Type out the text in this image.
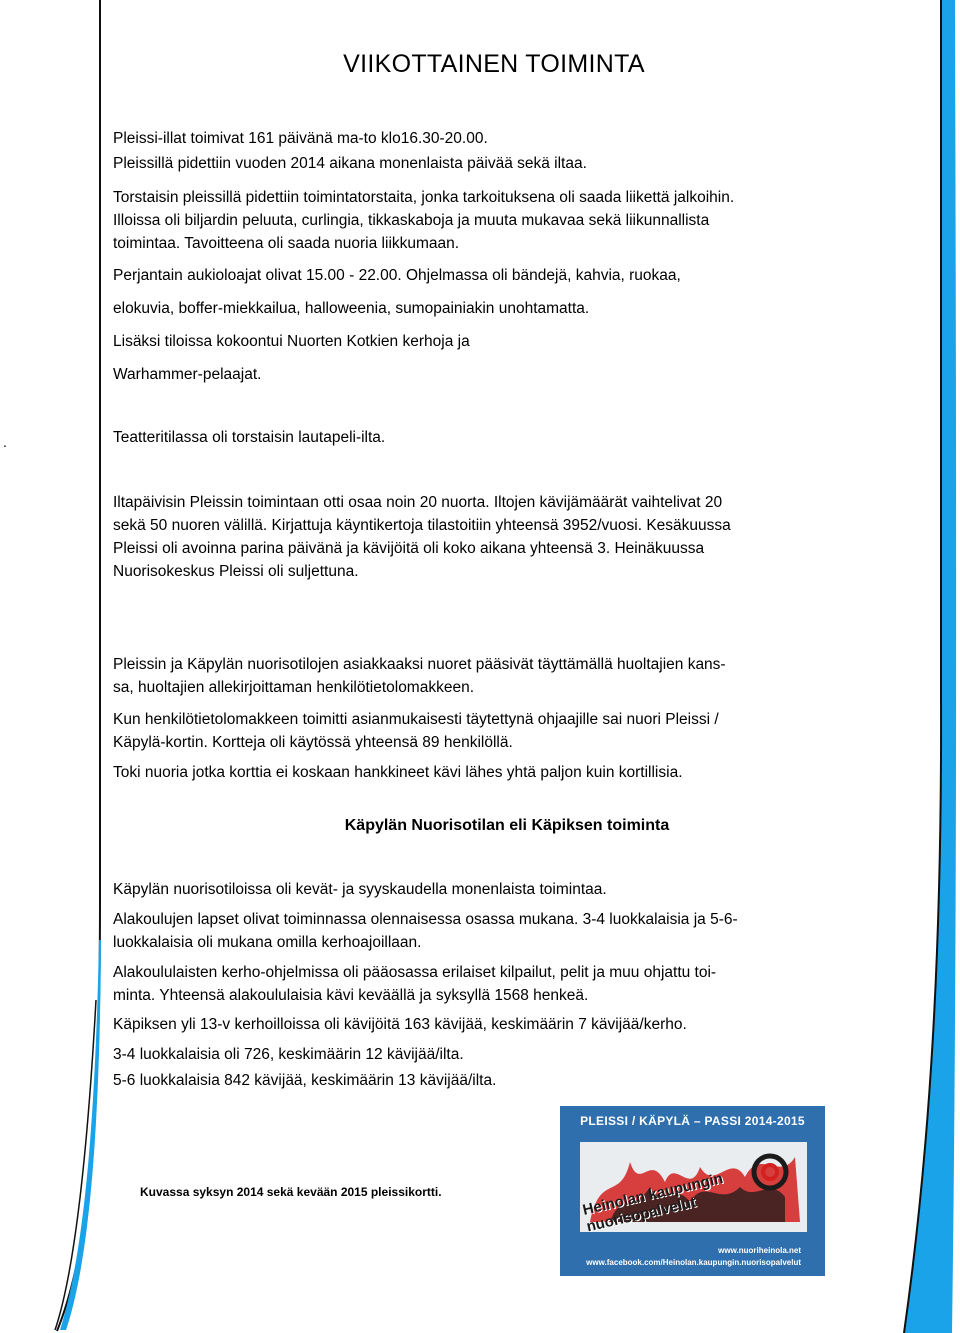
VIIKOTTAINEN TOIMINTA

Pleissi-illat toimivat 161 päivänä ma-to klo16.30-20.00.

Pleissillä pidettiin vuoden 2014 aikana monenlaista päivää sekä iltaa.

Torstaisin pleissillä pidettiin toimintatorstaita, jonka tarkoituksena oli saada liikettä jalkoihin.

Illoissa oli biljardin peluuta, curlingia, tikkaskaboja ja muuta mukavaa sekä liikunnallista

toimintaa. Tavoitteena oli saada nuoria liikkumaan.

Perjantain aukioloajat olivat 15.00 - 22.00. Ohjelmassa oli bändejä, kahvia, ruokaa,

elokuvia, boffer-miekkailua, halloweenia, sumopainiakin unohtamatta.

Lisäksi tiloissa kokoontui Nuorten Kotkien kerhoja ja

Warhammer-pelaajat.

Teatteritilassa oli torstaisin lautapeli-ilta.

.

Iltapäivisin Pleissin toimintaan otti osaa noin 20 nuorta. Iltojen kävijämäärät vaihtelivat 20

sekä 50 nuoren välillä. Kirjattuja käyntikertoja tilastoitiin yhteensä 3952/vuosi. Kesäkuussa

Pleissi oli avoinna parina päivänä ja kävijöitä oli koko aikana yhteensä 3. Heinäkuussa

Nuorisokeskus Pleissi oli suljettuna.

Pleissin ja Käpylän nuorisotilojen asiakkaaksi nuoret pääsivät täyttämällä huoltajien kans-

sa, huoltajien allekirjoittaman henkilötietolomakkeen.

Kun henkilötietolomakkeen toimitti asianmukaisesti täytettynä ohjaajille sai nuori Pleissi /

Käpylä-kortin. Kortteja oli käytössä yhteensä 89 henkilöllä.

Toki nuoria jotka korttia ei koskaan hankkineet kävi lähes yhtä paljon kuin kortillisia.

Käpylän Nuorisotilan eli Käpiksen toiminta

Käpylän nuorisotiloissa oli kevät- ja syyskaudella monenlaista toimintaa.

Alakoulujen lapset olivat toiminnassa olennaisessa osassa mukana. 3-4 luokkalaisia ja 5-6-

luokkalaisia oli mukana omilla kerhoajoillaan.

Alakoululaisten kerho-ohjelmissa oli pääosassa erilaiset kilpailut, pelit ja muu ohjattu toi-

minta. Yhteensä alakoululaisia kävi keväällä ja syksyllä 1568 henkeä.

Käpiksen yli 13-v kerhoilloissa oli kävijöitä 163 kävijää, keskimäärin 7 kävijää/kerho.

3-4 luokkalaisia oli 726, keskimäärin 12 kävijää/ilta.

5-6 luokkalaisia 842 kävijää, keskimäärin 13 kävijää/ilta.

Kuvassa syksyn 2014 sekä kevään 2015 pleissikortti.

PLEISSI / KÄPYLÄ – PASSI 2014-2015
Heinolan kaupungin nuorisopalvelut
www.nuoriheinola.net
www.facebook.com/Heinolan.kaupungin.nuorisopalvelut
